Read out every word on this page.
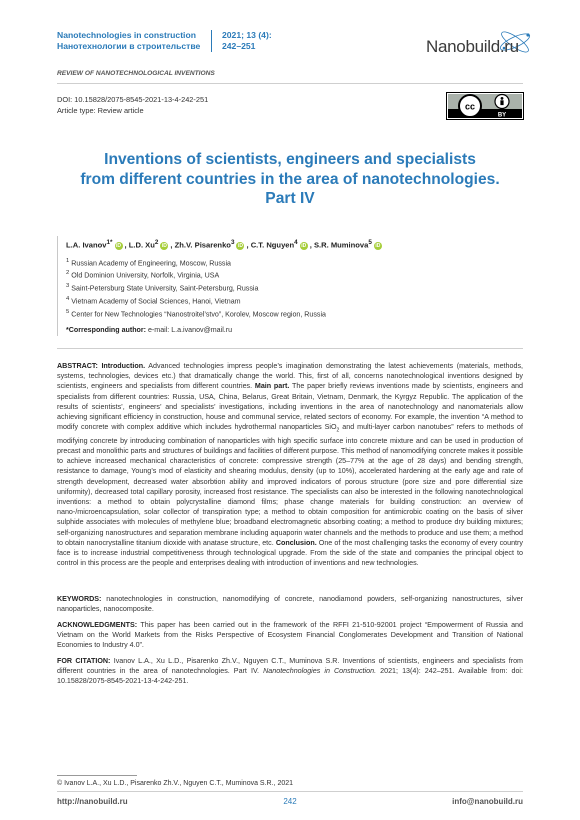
Nanotechnologies in construction
Нанотехнологии в строительстве
2021; 13 (4):
242–251	Nanobuild.ru
REVIEW OF NANOTECHNOLOGICAL INVENTIONS
DOI: 10.15828/2075-8545-2021-13-4-242-251
Article type: Review article	cc
BY
Inventions of scientists, engineers and specialists
from different countries in the area of nanotechnologies.
Part IV
L.A. Ivanov$^{1*}$ iD , L.D. Xu$^2$ iD , Zh.V. Pisarenko$^3$ iD , C.T. Nguyen$^4$ iD , S.R. Muminova$^5$ iD
$^1$ Russian Academy of Engineering, Moscow, Russia
$^2$ Old Dominion University, Norfolk, Virginia, USA
$^3$ Saint-Petersburg State University, Saint-Petersburg, Russia
$^4$ Vietnam Academy of Social Sciences, Hanoi, Vietnam
$^5$ Center for New Technologies “Nanostroitel’stvo”, Korolev, Moscow region, Russia
*Corresponding author: e-mail: L.a.ivanov@mail.ru
ABSTRACT: Introduction. Advanced technologies impress people’s imagination demonstrating the latest achievements (materials, methods, systems, technologies, devices etc.) that dramatically change the world. This, first of all, concerns nanotechnological inventions designed by scientists, engineers and specialists from different countries. Main part. The paper briefly reviews inventions made by scientists, engineers and specialists from different countries: Russia, USA, China, Belarus, Great Britain, Vietnam, Denmark, the Kyrgyz Republic. The application of the results of scientists’, engineers’ and specialists’ investigations, including inventions in the area of nanotechnology and nanomaterials allow achieving significant efficiency in construction, house and communal service, related sectors of economy. For example, the invention “A method to modify concrete with complex additive which includes hydrothermal nanoparticles SiO$_2$ and multi-layer carbon nanotubes” refers to methods of modifying concrete by introducing combination of nanoparticles with high specific surface into concrete mixture and can be used in production of precast and monolithic parts and structures of buildings and facilities of different purpose. This method of nanomodifying concrete makes it possible to achieve increased mechanical characteristics of concrete: compressive strength (25–77% at the age of 28 days) and bending strength, resistance to damage, Young’s mod of elasticity and shearing modulus, density (up to 10%), accelerated hardening at the early age and rate of strength development, decreased water absorbtion ability and improved indicators of porous structure (pore size and pore differential size uniformity), decreased total capillary porosity, increased frost resistance. The specialists can also be interested in the following nanotechnological inventions: a method to obtain polycrystalline diamond films; phase change materials for building construction: an overview of nano-/microencapsulation, solar collector of transpiration type; a method to obtain composition for antimicrobic coating on the basis of silver sulphide associates with molecules of methylene blue; broadband electromagnetic absorbing coating; a method to produce dry building mixtures; self-organizing nanostructures and separation membrane including aquaporin water channels and the methods to produce and use them; a method to obtain nanocrystalline titanium dioxide with anatase structure, etc. Conclusion. One of the most challenging tasks the economy of every country face is to increase industrial competitiveness through technological upgrade. From the side of the state and companies the principal object to control in this process are the people and enterprises dealing with introduction of inventions and new technologies.
KEYWORDS: nanotechnologies in construction, nanomodifying of concrete, nanodiamond powders, self-organizing nanostructures, silver nanoparticles, nanocomposite.
ACKNOWLEDGMENTS: This paper has been carried out in the framework of the RFFI 21-510-92001 project “Empowerment of Russia and Vietnam on the World Markets from the Risks Perspective of Ecosystem Financial Conglomerates Development and Transition of National Economies to Industry 4.0”.
FOR CITATION: Ivanov L.A., Xu L.D., Pisarenko Zh.V., Nguyen C.T., Muminova S.R. Inventions of scientists, engineers and specialists from different countries in the area of nanotechnologies. Part IV. Nanotechnologies in Construction. 2021; 13(4): 242–251. Available from: doi: 10.15828/2075-8545-2021-13-4-242-251.
© Ivanov L.A., Xu L.D., Pisarenko Zh.V., Nguyen C.T., Muminova S.R., 2021
http://nanobuild.ru	242	info@nanobuild.ru
